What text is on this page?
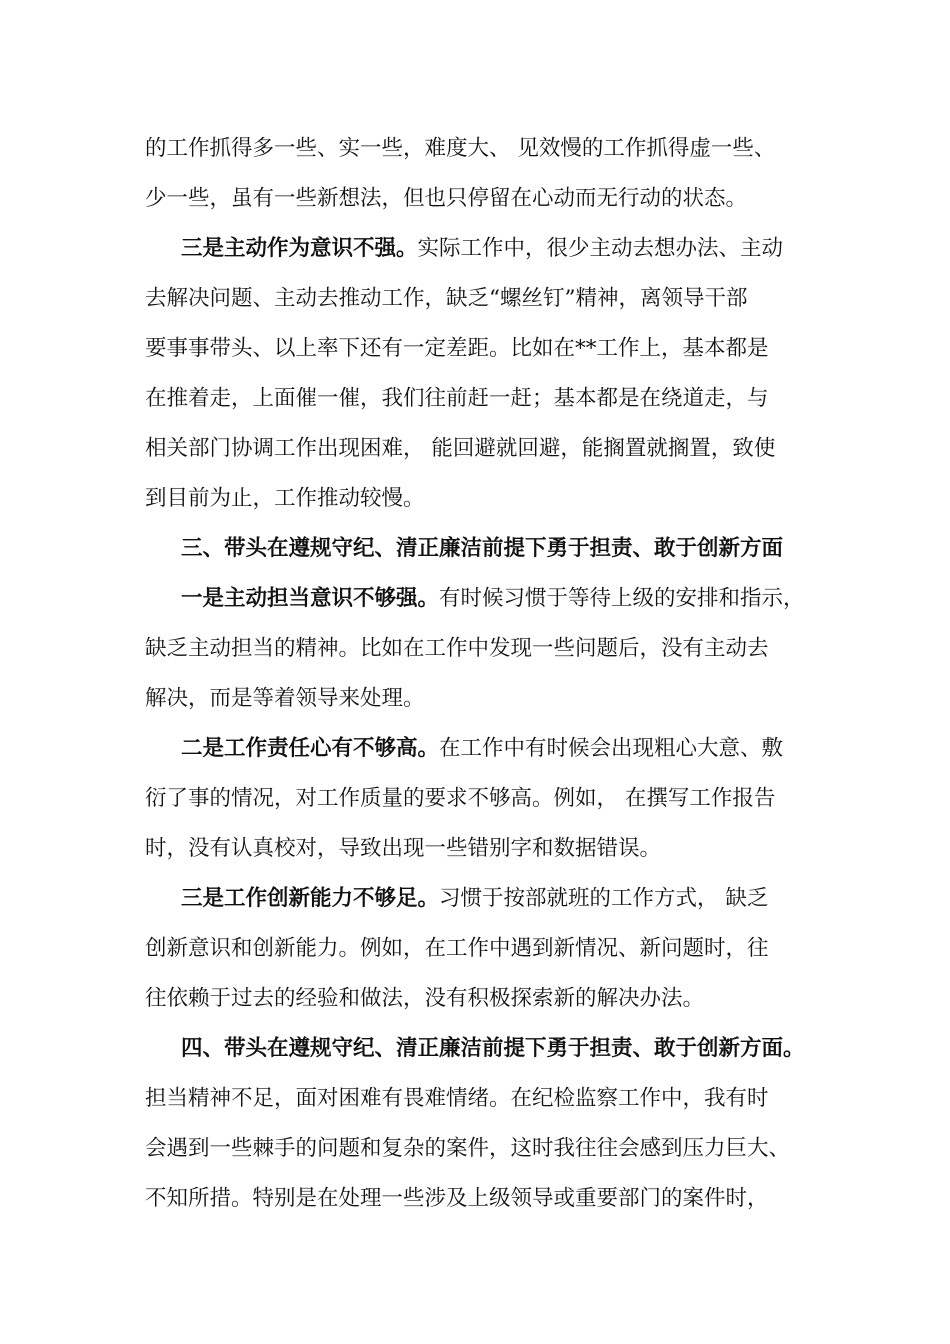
的工作抓得多一些、实一些，难度大、 见效慢的工作抓得虚一些、
少一些，虽有一些新想法，但也只停留在心动而无行动的状态。
三是主动作为意识不强。实际工作中，很少主动去想办法、主动
去解决问题、主动去推动工作，缺乏“螺丝钉”精神，离领导干部
要事事带头、以上率下还有一定差距。比如在**工作上，基本都是
在推着走，上面催一催，我们往前赶一赶；基本都是在绕道走，与
相关部门协调工作出现困难， 能回避就回避，能搁置就搁置，致使
到目前为止，工作推动较慢。
三、带头在遵规守纪、清正廉洁前提下勇于担责、敢于创新方面
一是主动担当意识不够强。有时候习惯于等待上级的安排和指示，
缺乏主动担当的精神。比如在工作中发现一些问题后，没有主动去
解决，而是等着领导来处理。
二是工作责任心有不够高。在工作中有时候会出现粗心大意、敷
衍了事的情况，对工作质量的要求不够高。例如， 在撰写工作报告
时，没有认真校对，导致出现一些错别字和数据错误。
三是工作创新能力不够足。习惯于按部就班的工作方式， 缺乏
创新意识和创新能力。例如，在工作中遇到新情况、新问题时，往
往依赖于过去的经验和做法，没有积极探索新的解决办法。
四、带头在遵规守纪、清正廉洁前提下勇于担责、敢于创新方面。
担当精神不足，面对困难有畏难情绪。在纪检监察工作中，我有时
会遇到一些棘手的问题和复杂的案件，这时我往往会感到压力巨大、
不知所措。特别是在处理一些涉及上级领导或重要部门的案件时，
